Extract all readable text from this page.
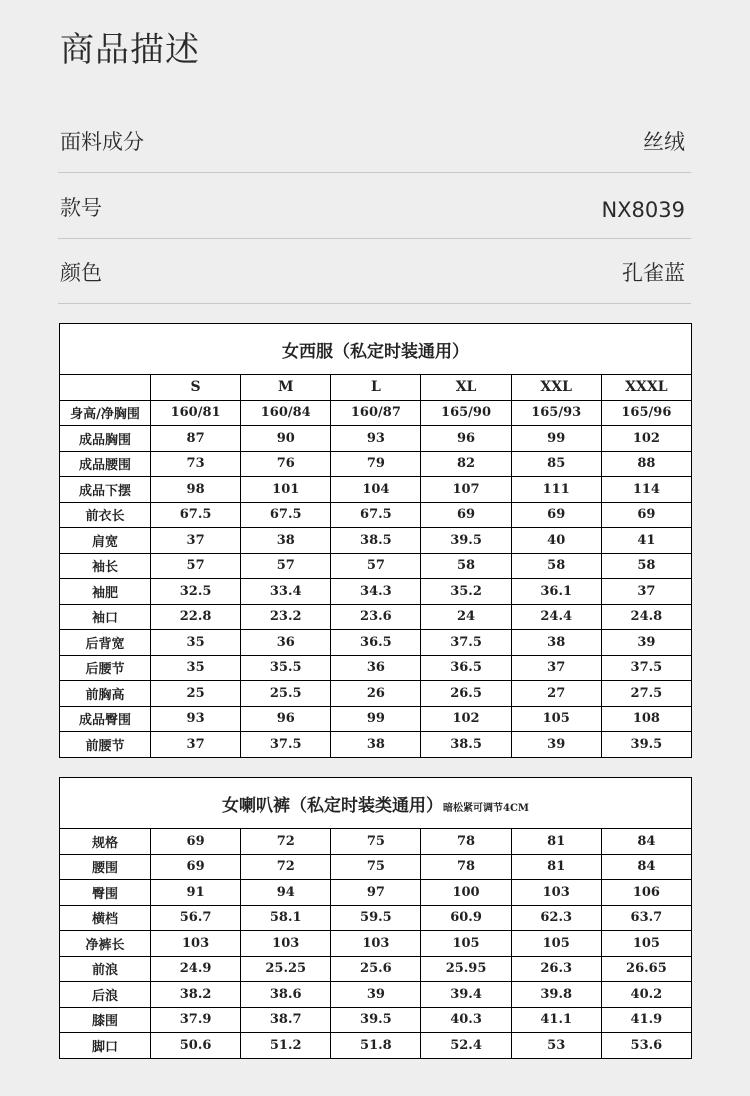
商品描述
面料成分	丝绒
款号	NX8039
颜色	孔雀蓝
女西服（私定时装通用）						
	S	M	L	XL	XXL	XXXL
身高/净胸围	160/81	160/84	160/87	165/90	165/93	165/96
成品胸围	87	90	93	96	99	102
成品腰围	73	76	79	82	85	88
成品下摆	98	101	104	107	111	114
前衣长	67.5	67.5	67.5	69	69	69
肩宽	37	38	38.5	39.5	40	41
袖长	57	57	57	58	58	58
袖肥	32.5	33.4	34.3	35.2	36.1	37
袖口	22.8	23.2	23.6	24	24.4	24.8
后背宽	35	36	36.5	37.5	38	39
后腰节	35	35.5	36	36.5	37	37.5
前胸高	25	25.5	26	26.5	27	27.5
成品臀围	93	96	99	102	105	108
前腰节	37	37.5	38	38.5	39	39.5
女喇叭裤（私定时装类通用）暗松紧可调节4CM						
规格	69	72	75	78	81	84
腰围	69	72	75	78	81	84
臀围	91	94	97	100	103	106
横档	56.7	58.1	59.5	60.9	62.3	63.7
净裤长	103	103	103	105	105	105
前浪	24.9	25.25	25.6	25.95	26.3	26.65
后浪	38.2	38.6	39	39.4	39.8	40.2
膝围	37.9	38.7	39.5	40.3	41.1	41.9
脚口	50.6	51.2	51.8	52.4	53	53.6
